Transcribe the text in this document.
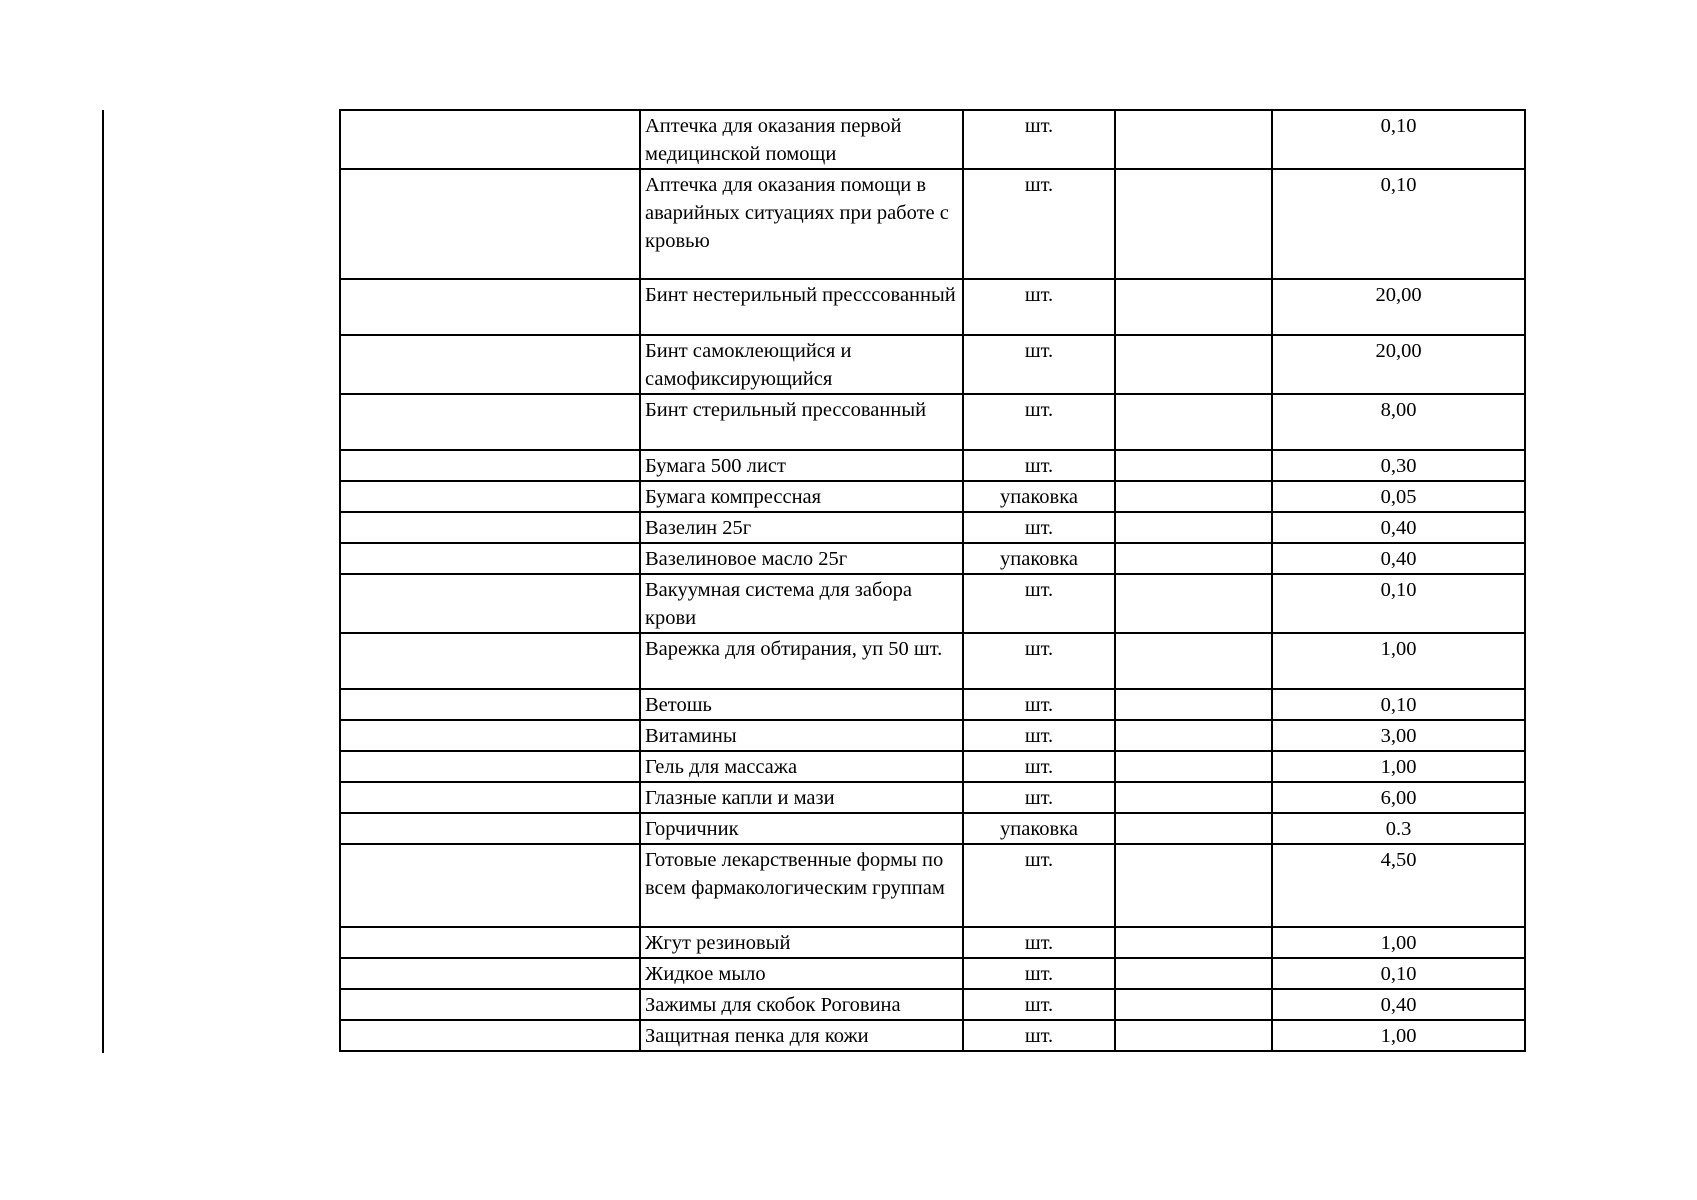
	Аптечка для оказания первой медицинской помощи	шт.		0,10
	Аптечка для оказания помощи в аварийных ситуациях при работе с кровью	шт.		0,10
	Бинт нестерильный пресссованный	шт.		20,00
	Бинт самоклеющийся и самофиксирующийся	шт.		20,00
	Бинт стерильный прессованный	шт.		8,00
	Бумага 500 лист	шт.		0,30
	Бумага компрессная	упаковка		0,05
	Вазелин 25г	шт.		0,40
	Вазелиновое масло 25г	упаковка		0,40
	Вакуумная система для забора крови	шт.		0,10
	Варежка для обтирания, уп 50 шт.	шт.		1,00
	Ветошь	шт.		0,10
	Витамины	шт.		3,00
	Гель для массажа	шт.		1,00
	Глазные капли и мази	шт.		6,00
	Горчичник	упаковка		0.3
	Готовые лекарственные формы по всем фармакологическим группам	шт.		4,50
	Жгут резиновый	шт.		1,00
	Жидкое мыло	шт.		0,10
	Зажимы для скобок Роговина	шт.		0,40
	Защитная пенка для кожи	шт.		1,00
